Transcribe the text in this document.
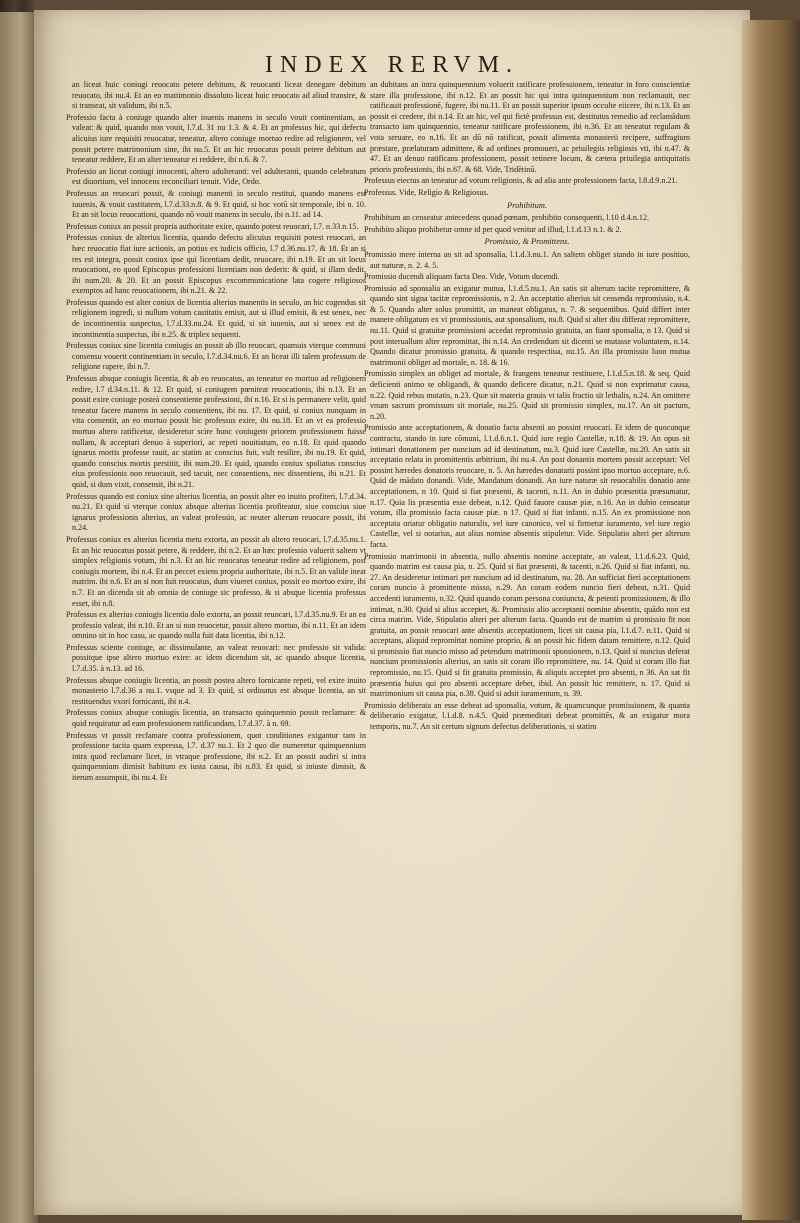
INDEX RERVM.

an liceat huic coniugi reuocato petere debitum, & reuocanti liceat denegare debitum reuocato, ibi nu.4. Et an eo mattimonio dissoluto liceat huic reuocato ad aliud transire, & si transeat, sit validum, ibi n.5.

Professio facta à coniuge quando alter inuenis manens in seculo vouit continentiam, an valeat: & quid, quando non vouit, l.7.d. 31 nu 1.3. & 4. Et an professus hic, qui defectu alicuius iure requisiti reuocatur, teneatur, altero coniuge mortuo redire ad religionem, vel possit petere matrimonium sine, ibi nu.5. Et an hic reuocatus possit petere debitum aut teneatur reddere, Et an alter teneatur ei reddere, ibi n.6. & 7.

Professio an liceat coniugi innocenti, altero adulteranti: vel adulteranti, quando celebratum est diuortium, vel innocens reconciliari tenuit. Vide, Ordo.

Professus an reuocari possit, & coniugi manenti in seculo restitui, quando manens est iuuenis, & vouit castitatem, l.7.d.33.n.8. & 9. Et quid, si hoc votū sit temporale, ibi n. 10. Et an sit locus reuocationi, quando nō vouit manens in seculo, ibi n.11. ad 14.

Professus coniux an possit propria authoritate exire, quando potest reuocari, l.7. n.33.n.15.

Professus coniux de alterius licentia, quando defectu alicuius requisiti potest reuocari, an hæc reuocatio fiat iure actionis, an potius ex iudicis officio, l.7 d.36.nu.17. & 18. Et an si res est integra, possit coniux ipse qui licentiam dedit, reuocare, ibi n.19. Et an sit locus reuocationi, eo quod Episcopus professioni licentiam non dederit: & quid, si illam dedit, ibi num.20. & 20. Et an possit Episcopus excommunicatione lata cogere religiosos exemptos ad hanc reuocationem, ibi n.21. & 22.

Professus quando est alter coniux de licentia alterius manentis in seculo, an hic cogendus sit religionem ingredi, si nullum votum castitatis emisit, aut si illud emisit, & est senex, nec de incontinentia suspectus, l.7.d.33.nu.24. Et quid, si sit iuuenis, aut si senex est de incontinentia suspectus, ibi n.25. & triplex sequenti.

Professus coniux sine licentia coniugis an possit ab illo reuocari, quamuis vterque communi consensu vouerit continentiam in seculo, l.7.d.34.nu.6. Et an liceat illi talem professum de religione rapere, ibi n.7.

Professus absque coniugis licentia, & ab eo reuocatus, an teneatur eo mortuo ad religionem redire, l.7 d.34.n.11. & 12. Et quid, si coniugem pœniteat reuocationis, ibi n.13. Et an possit exire coniuge posteà consentiente professioni, ibi n.16. Et si is permanere velit, quid teneatur facere manens in seculo consentiens, ibi nu. 17. Et quid, si coniux nunquam in vita consentit, an eo mortuo possit hic professus exire, ibi nu.18. Et an vt ea professio mortuo altero ratificetur, desideretur scire hunc coniugem priorem professionem fuisse nullam, & acceptari denuo à superiori, ac repeti nouitiatum, eo n.18. Et quid quando ignarus mortis professe rauit, ac statim ac conscius fuit, vult resilire, ibi nu.19. Et quid, quando conscius mortis perstitit, ibi num.20. Et quid, quando coniux spoliatus conscius eius professionis non reuocauit, sed tacuit, nec consentiens, nec dissentiens, ibi n.21. Et quid, si dum vixit, consensit, ibi n.21.

Professus quando est coniux sine alterius licentia, an possit alter eo inuito profiteri, l.7.d.34. nu.21. Et quid si vterque coniux absque alterius licentia profiteatur, siue conscius siue ignarus professionis alterius, an valeat professio, ac neuter alterum reuocare possit, ibi n.24.

Professus coniux ex alterius licentia metu extorta, an possit ab altero reuocari, l.7.d.35.nu.1. Et an hic reuocatus possit petere, & reddere, ibi n.2. Et an hæc professio valuerit saltem vt simplex religionis votum, ibi n.3. Et an hic reuocatus teneatur redire ad religionem, post coniugis mortem, ibi n.4. Et an peccet exiens propria authoritate, ibi n.5. Et an valide ineat matrim. ibi n.6. Et an si non fuit reuocatus, dum viueret coniux, possit eo mortuo exire, ibi n.7. Et an dicenda sit ab omnia de coniuge sic professo, & si absque licentia professus esset, ibi n.8.

Professus ex alterius coniugis licentia dolo extorta, an possit reuocari, l.7.d.35.nu.9. Et an ea professio valeat, ibi n.10. Et an si non reuocetur, possit altero mortuo, ibi n.11. Et an idem omnino sit in hoc casu, ac quando nulla fuit data licentia, ibi n.12.

Professus sciente coniuge, ac dissimulante, an valeat reuocari: nec professio sit valida: possitque ipse altero mortuo exire: ac idem dicendum sit, ac quando absque licentia, l.7.d.35. à n.13. ad 16.

Professus absque coniugis licentia, an possit postea altero fornicante repeti, vel exire inuito monasterio l.7.d.36 a nu.1. vsque ad 3. Et quid, si ordinatus est absque licentia, an sit restituendus vxori fornicanti, ibi n.4.

Professus coniux absque coniugis licentia, an transacto quinquennio possit reclamare: & quid requiratur ad eam professionem ratificandam, l.7.d.37. à n. 69.

Professus vt possit reclamare contra professionem, quot conditiones exigantur tam in professione tacita quam expressa, l.7. d.37 nu.1. Et 2 quo die numeretur quinquennium intra quod reclamare licet, in vtraque professione, ibi n.2. Et an possit audiri si intra quinquennium dimisit habitum ex iusta causa, ibi n.83. Et quid, si iniuste dimisit, & iterum assumpsit, ibi nu.4. Et

an dubitans an intra quinquennium voluerit ratificare professionem, teneatur in foro conscientiæ stare illa professione, ibi n.12. Et an possit hic qui intra quinquennium non reclamauit, nec ratificauit professionē, fugere, ibi nu.11. Et an possit superior ipsum occulte eiicere, ibi n.13. Et an possit ei credere, ibi n.14. Et an hic, vel qui fictè professus est, destitutus remedio ad reclamādum transacto iam quinquennio, teneatur ratificare professionem, ibi n.36. Et an teneatur regulam & vota seruare, eo n.16. Et an dū nō ratificat, possit alimenta monasterii recipere, suffragium præstare, prælaturam admittere, & ad ordines promoueri, ac priuilegiis religiosis vti, ibi n.47. & 47. Et an denuo ratificans professionem, possit retinere locum, & cætera priuilegia antiquitatis prioris professionis, ibi n.67. & 68. Vide, Tridētinū.

Professus eiectus an teneatur ad votum religionis, & ad alia ante professionem facta, l.8.d.9.n.21.

Professus. Vide, Religio & Religiosus.

Prohibitum.

Prohibitum an censeatur antecedens quoad pœnam, prohibito consequenti, l.10 d.4.n.12.

Prohibito aliquo prohibetur omne id per quod venitur ad illud, l.1.d.13 n.1. & 2.

Promissio, & Promittens.

Promissio mere interna an sit ad sponsalia, l.1.d.3.nu.1. An saltem obliget stando in iure positiuo, aut naturæ, n. 2. 4. 5.

Promissio ducendi aliquam facta Deo. Vide, Votum ducendi.

Promissio ad sponsalia an exigatur mutua, l.1.d.5.nu.1. An satis sit alterum tacite repromittere, & quando sint signa tacitæ repromissionis, n 2. An acceptatio alterius sit censenda repromissio, n.4. & 5. Quando alter solus promittit, an maneat obligatus, n. 7. & sequentibus. Quid differt inter manere obligatum ex vi promissionis, aut sponsalium, nu.8. Quid si alter diu differat repromittere, nu.11. Quid si gratuitæ promissioni accedat repromissio gratuita, an fiant sponsalia, n 13. Quid si post interuallum alter repromittat, ibi n.14. An credendum sit dicenti se mutasse voluntatem, n.14. Quando dicatur promissio gratuita, & quando respectiua, nu.15. An illa promissio luon mutua matrimonii obliget ad mortale, n. 18. & 16.

Promissio simplex an obliget ad mortale, & frangens teneatur restituere, l.1.d.5.n.18. & seq. Quid deficienti animo se obligandi, & quando deficere dicatur, n.21. Quid si non exprimatur causa, n.22. Quid rebus mutatis, n.23. Quæ sit materia grauis vt talis fractio sit lethalis, n.24. An omittere vnum sacrum promissum sit mortale, nu.25. Quid sit promissio simplex, nu.17. An sit pactum, n.20.

Promissio ante acceptationem, & donatio facta absenti an possint reuocari. Et idem de quocunque contractu, stando in iure cōmuni, l.1.d.6.n.1. Quid iure regio Castellæ, n.18. & 19. An opus sit intimari donationem per nuncium ad id destinatum, nu.3. Quid iure Castellæ, nu.20. An satis sit acceptatio relata in promittentis arbitrium, ibi nu.4. An post donantis mortem possit acceptari: Vel possint hæredes donatoris reuocare, n. 5. An hæredes donatarii possint ipso mortuo acceptare, n.6. Quid de mādato donandi. Vide, Mandatum donandi. An iure naturæ sit reuocabilis donatio ante acceptationem, n 10. Quid si fiat præsenti, & tacenti, n.11. An in dubio præsentia præsumatur, n.17. Quia lis præsentia esse debeat, n.12. Quid fauore causæ piæ, n.16. An in dubio censeatur votum, illa promissio facta causæ piæ. n 17. Quid si fiat infanti. n.15. An ex promissione non acceptata oriatur obligatio naturalis, vel iure canonico, vel si firmetur iuramento, vel iure regio Castellæ, vel si notarius, aut alius nomine absentis stipuletur. Vide. Stipulatio alteri per alterum facta.

Promissio matrimonii in absentia, nullo absentis nomine acceptate, an valeat, l.1.d.6.23. Quid, quando matrim est causa pia, n. 25. Quid si fiat præsenti, & tacenti, n.26. Quid si fiat infanti, nu. 27. An desideretur intimari per nuncium ad id destinatum, nu. 28. An sufficiat fieri acceptationem coram nuncio à promittente misso, n.29. An coram eodem nuncio fieri debeat, n.31. Quid accedenti iuramento, n.32. Quid quando coram persona coniuncta, & petenti promissionem, & illo intimat, n.30. Quid si alius acceptet, &. Promissio alio acceptanti nomine absentis, quādo non est circa matrim. Vide, Stipulatio alteri per alterum facta. Quando est de matrim si promissio fit non gratuita, an possit reuocari ante absentis acceptationem, licet sit causa pia, l.1.d.7. n.11. Quid si acceptans, aliquid repromittat nomine proprio, & an possit hic fidem datam remittere, n.12. Quid si promissio fiat nuncio misso ad petendum matrimonii sponsionem, n.13. Quid si nuncius deferat nuncium promissionis alterius, an satis sit coram illo repromittere, nu. 14. Quid si coram illo fiat repromissio, nu.15. Quid si fit gratuita promissio, & aliquis acceptet pro absenti, n 36. An sat fit præsentia huius qui pro absenti acceptare debet, ibid. An possit hic remittere, n. 17. Quid si matrimonium sit causa pia, n.38. Quid si adsit iuramentum, n. 39.

Promissio deliberata an esse debeat ad sponsalia, votum, & quamcunque promissionem, & quanta deliberatio exigatur, l.1.d.8. n.4.5. Quid præmeditati debeat promittēs, & an exigatur mora temporis, nu.7. An sit certum signum defectus deliberationis, si statim
